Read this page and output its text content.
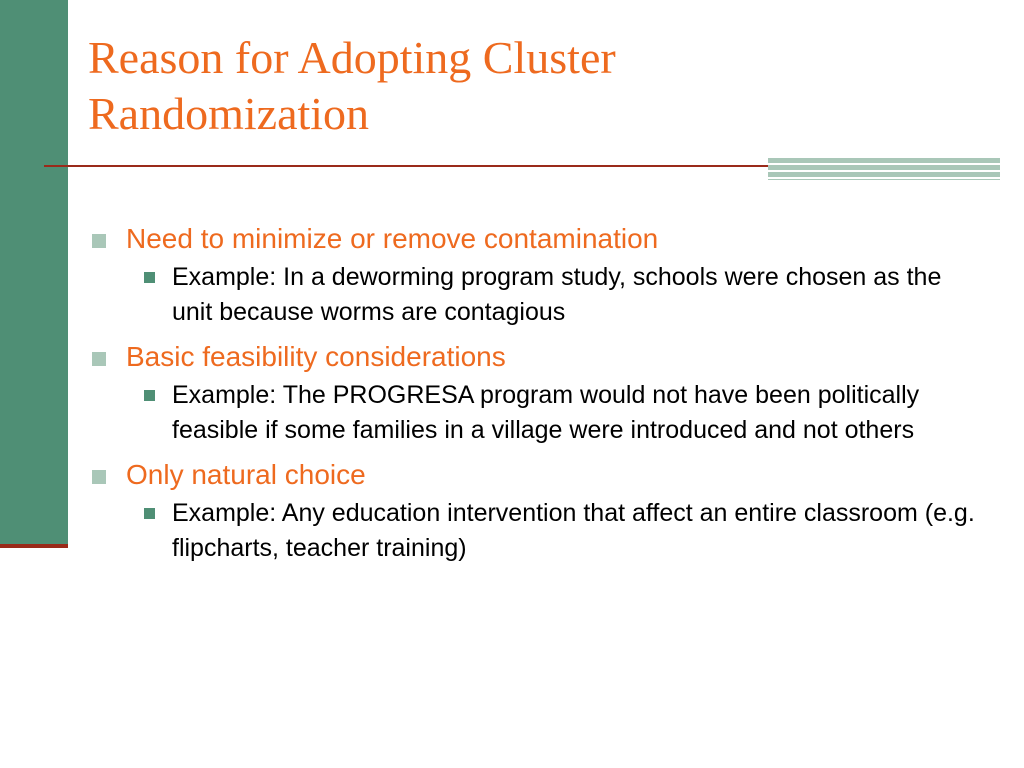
Reason for Adopting Cluster
Randomization
Need to minimize or remove contamination
Example: In a deworming program study, schools were chosen as the unit because worms are contagious
Basic feasibility considerations
Example: The PROGRESA program would not have been politically feasible if some families in a village were introduced and not others
Only natural choice
Example: Any education intervention that affect an entire classroom (e.g. flipcharts, teacher training)
